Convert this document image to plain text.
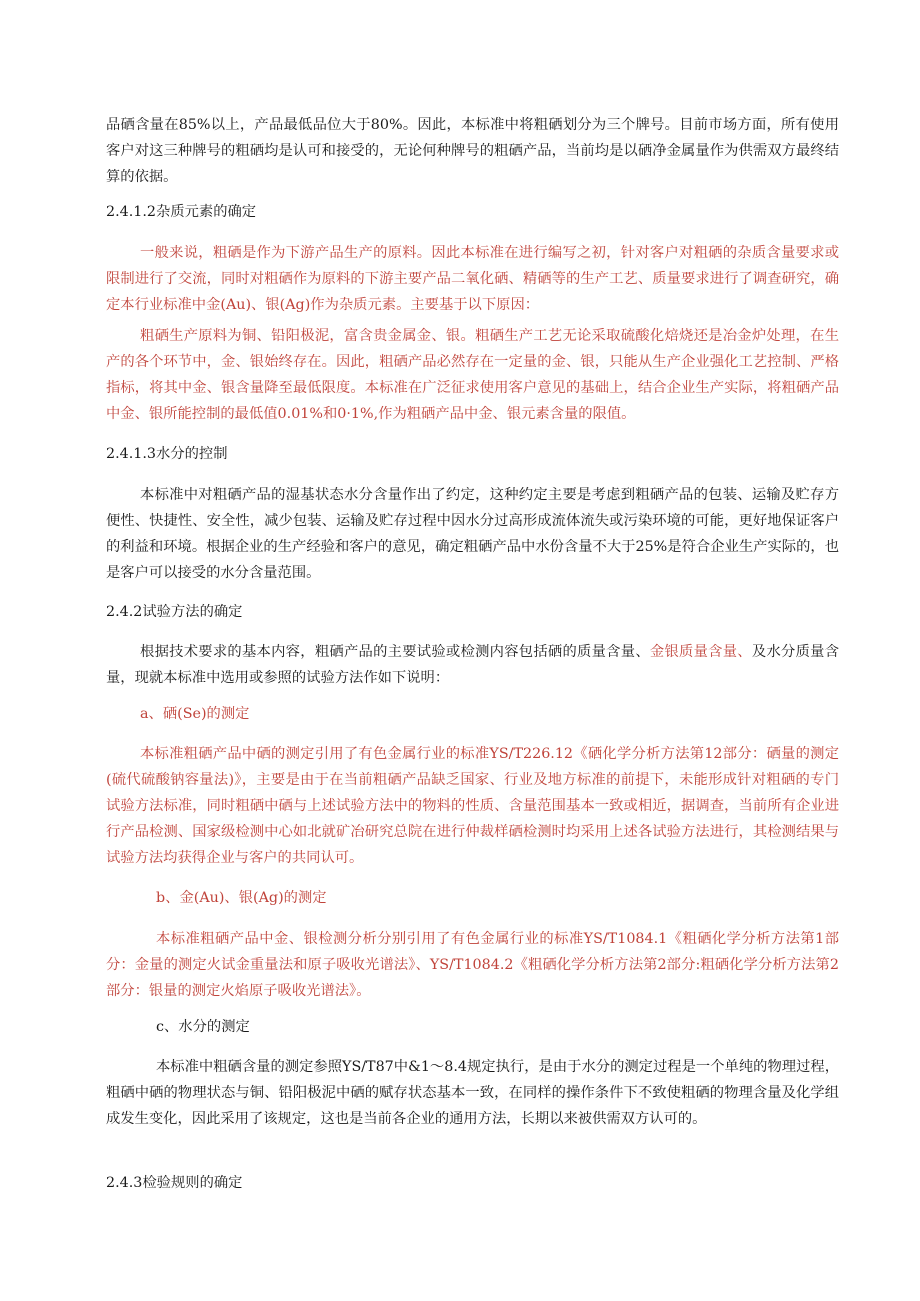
品硒含量在85%以上，产品最低品位大于80%。因此，本标准中将粗硒划分为三个牌号。目前市场方面，所有使用客户对这三种牌号的粗硒均是认可和接受的，无论何种牌号的粗硒产品，当前均是以硒净金属量作为供需双方最终结算的依据。

2.4.1.2杂质元素的确定

一般来说，粗硒是作为下游产品生产的原料。因此本标准在进行编写之初，针对客户对粗硒的杂质含量要求或限制进行了交流，同时对粗硒作为原料的下游主要产品二氧化硒、精硒等的生产工艺、质量要求进行了调查研究，确定本行业标准中金(Au)、银(Ag)作为杂质元素。主要基于以下原因：

粗硒生产原料为铜、铅阳极泥，富含贵金属金、银。粗硒生产工艺无论采取硫酸化焙烧还是冶金炉处理，在生产的各个环节中，金、银始终存在。因此，粗硒产品必然存在一定量的金、银，只能从生产企业强化工艺控制、严格指标，将其中金、银含量降至最低限度。本标准在广泛征求使用客户意见的基础上，结合企业生产实际，将粗硒产品中金、银所能控制的最低值0.01%和0·1%,作为粗硒产品中金、银元素含量的限值。

2.4.1.3水分的控制

本标准中对粗硒产品的湿基状态水分含量作出了约定，这种约定主要是考虑到粗硒产品的包装、运输及贮存方便性、快捷性、安全性，减少包装、运输及贮存过程中因水分过高形成流体流失或污染环境的可能，更好地保证客户的利益和环境。根据企业的生产经验和客户的意见，确定粗硒产品中水份含量不大于25%是符合企业生产实际的，也是客户可以接受的水分含量范围。

2.4.2试验方法的确定

根据技术要求的基本内容，粗硒产品的主要试验或检测内容包括硒的质量含量、金银质量含量、及水分质量含量，现就本标准中选用或参照的试验方法作如下说明：

a、硒(Se)的测定

本标准粗硒产品中硒的测定引用了有色金属行业的标准YS/T226.12《硒化学分析方法第12部分：硒量的测定(硫代硫酸钠容量法)》，主要是由于在当前粗硒产品缺乏国家、行业及地方标准的前提下，未能形成针对粗硒的专门试验方法标准，同时粗硒中硒与上述试验方法中的物料的性质、含量范围基本一致或相近，据调查，当前所有企业进行产品检测、国家级检测中心如北就矿冶研究总院在进行仲裁样硒检测时均采用上述各试验方法进行，其检测结果与试验方法均获得企业与客户的共同认可。

b、金(Au)、银(Ag)的测定

本标准粗硒产品中金、银检测分析分别引用了有色金属行业的标准YS/T1084.1《粗硒化学分析方法第1部分：金量的测定火试金重量法和原子吸收光谱法》、YS/T1084.2《粗硒化学分析方法第2部分:粗硒化学分析方法第2部分：银量的测定火焰原子吸收光谱法》。

c、水分的测定

本标准中粗硒含量的测定参照YS/T87中&1～8.4规定执行，是由于水分的测定过程是一个单纯的物理过程，粗硒中硒的物理状态与铜、铅阳极泥中硒的赋存状态基本一致，在同样的操作条件下不致使粗硒的物理含量及化学组成发生变化，因此采用了该规定，这也是当前各企业的通用方法，长期以来被供需双方认可的。

2.4.3检验规则的确定
